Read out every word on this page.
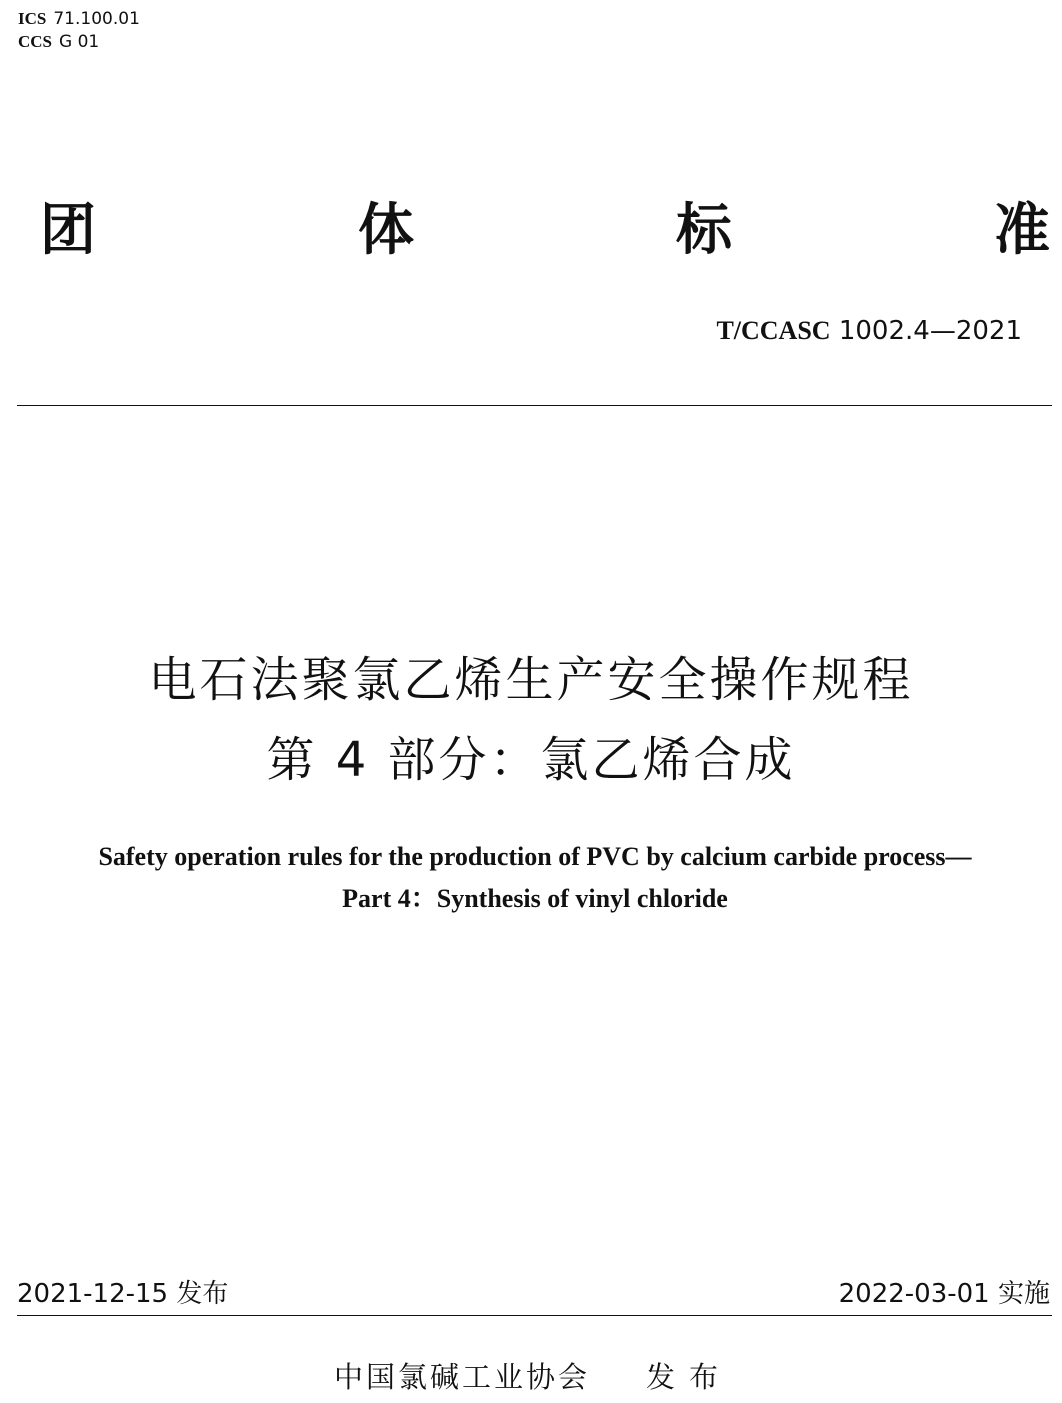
ICS 71.100.01
CCS G 01
团	体	标	准
T/CCASC 1002.4—2021
电石法聚氯乙烯生产安全操作规程
第 4 部分：氯乙烯合成
Safety operation rules for the production of PVC by calcium carbide process—
Part 4：Synthesis of vinyl chloride
2021-12-15 发布	2022-03-01 实施
中国氯碱工业协会 发布
